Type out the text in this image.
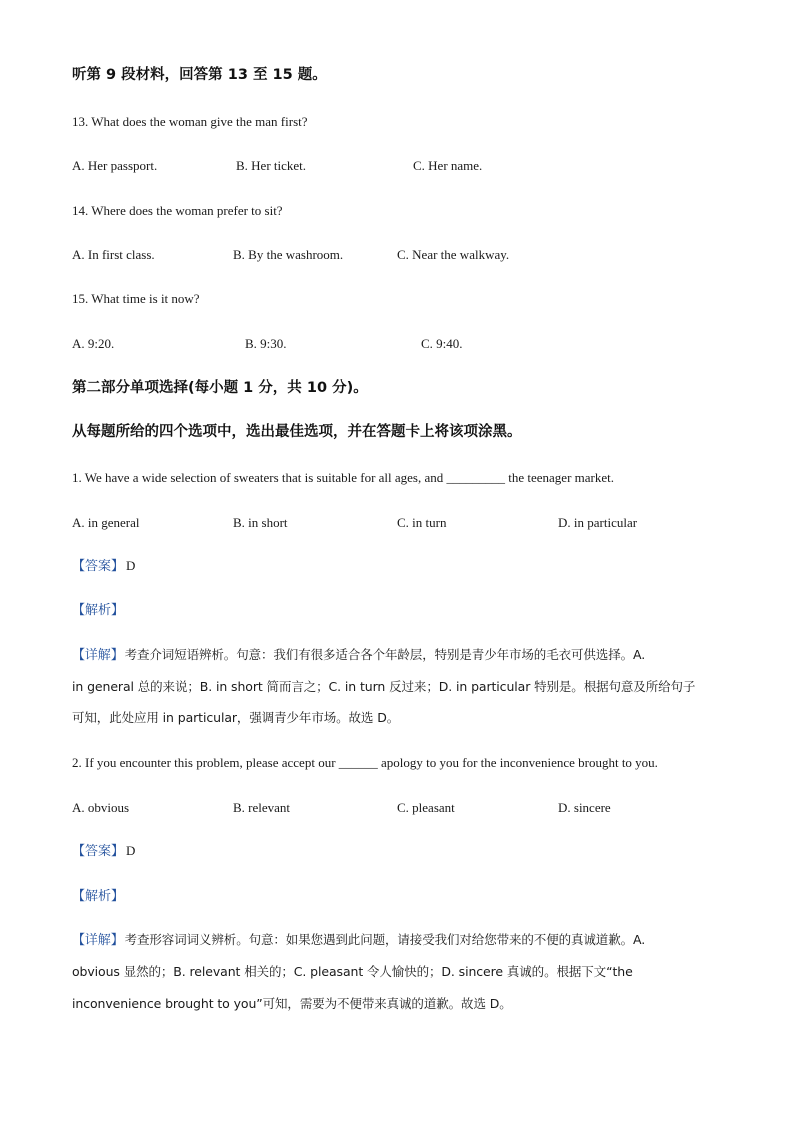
听第 9 段材料，回答第 13 至 15 题。
13. What does the woman give the man first?
A. Her passport.	B. Her ticket.	C. Her name.
14. Where does the woman prefer to sit?
A. In first class.	B. By the washroom.	C. Near the walkway.
15. What time is it now?
A. 9:20.	B. 9:30.	C. 9:40.
第二部分单项选择(每小题 1 分，共 10 分)。
从每题所给的四个选项中，选出最佳选项，并在答题卡上将该项涂黑。
1. We have a wide selection of sweaters that is suitable for all ages, and _________ the teenager market.
A. in general	B. in short	C. in turn	D. in particular
【答案】 D
【解析】
【详解】考查介词短语辨析。句意：我们有很多适合各个年龄层，特别是青少年市场的毛衣可供选择。A.
in general 总的来说；B. in short 简而言之；C. in turn 反过来；D. in particular 特别是。根据句意及所给句子
可知，此处应用 in particular，强调青少年市场。故选 D。
2. If you encounter this problem, please accept our ______ apology to you for the inconvenience brought to you.
A. obvious	B. relevant	C. pleasant	D. sincere
【答案】 D
【解析】
【详解】考查形容词词义辨析。句意：如果您遇到此问题，请接受我们对给您带来的不便的真诚道歉。A.
obvious 显然的；B. relevant 相关的；C. pleasant 令人愉快的；D. sincere 真诚的。根据下文“the
inconvenience brought to you”可知，需要为不便带来真诚的道歉。故选 D。
